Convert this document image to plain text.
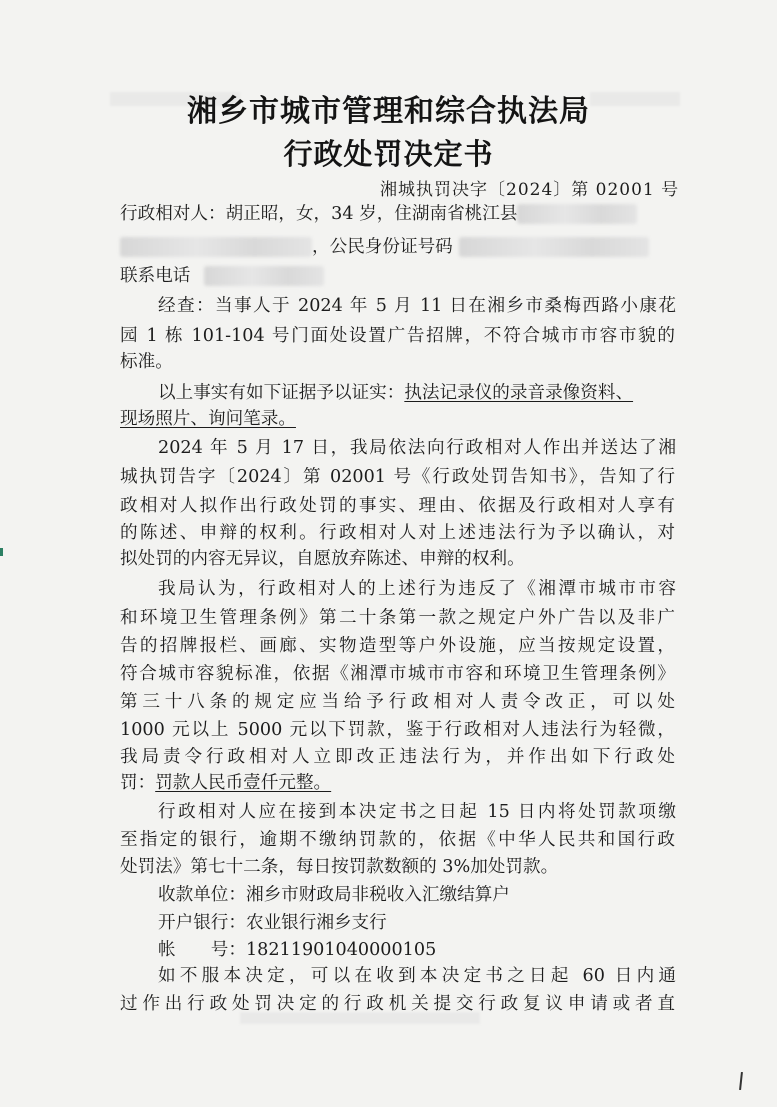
湘乡市城市管理和综合执法局
行政处罚决定书
湘城执罚决字〔2024〕第 02001 号
行政相对人：胡正昭，女，34 岁，住湖南省桃江县
，公民身份证号码
联系电话
经查：当事人于 2024 年 5 月 11 日在湘乡市桑梅西路小康花
园 1 栋 101-104 号门面处设置广告招牌，不符合城市市容市貌的
标准。
以上事实有如下证据予以证实：执法记录仪的录音录像资料、
现场照片、询问笔录。
2024 年 5 月 17 日，我局依法向行政相对人作出并送达了湘
城执罚告字〔2024〕第 02001 号《行政处罚告知书》，告知了行
政相对人拟作出行政处罚的事实、理由、依据及行政相对人享有
的陈述、申辩的权利。行政相对人对上述违法行为予以确认，对
拟处罚的内容无异议，自愿放弃陈述、申辩的权利。
我局认为，行政相对人的上述行为违反了《湘潭市城市市容
和环境卫生管理条例》第二十条第一款之规定户外广告以及非广
告的招牌报栏、画廊、实物造型等户外设施，应当按规定设置，
符合城市容貌标准，依据《湘潭市城市市容和环境卫生管理条例》
第三十八条的规定应当给予行政相对人责令改正，可以处
1000 元以上 5000 元以下罚款，鉴于行政相对人违法行为轻微，
我局责令行政相对人立即改正违法行为，并作出如下行政处
罚：罚款人民币壹仟元整。
行政相对人应在接到本决定书之日起 15 日内将处罚款项缴
至指定的银行，逾期不缴纳罚款的，依据《中华人民共和国行政
处罚法》第七十二条，每日按罚款数额的 3%加处罚款。
收款单位：湘乡市财政局非税收入汇缴结算户
开户银行：农业银行湘乡支行
帐　　号：18211901040000105
如不服本决定，可以在收到本决定书之日起 60 日内通
过作出行政处罚决定的行政机关提交行政复议申请或者直
